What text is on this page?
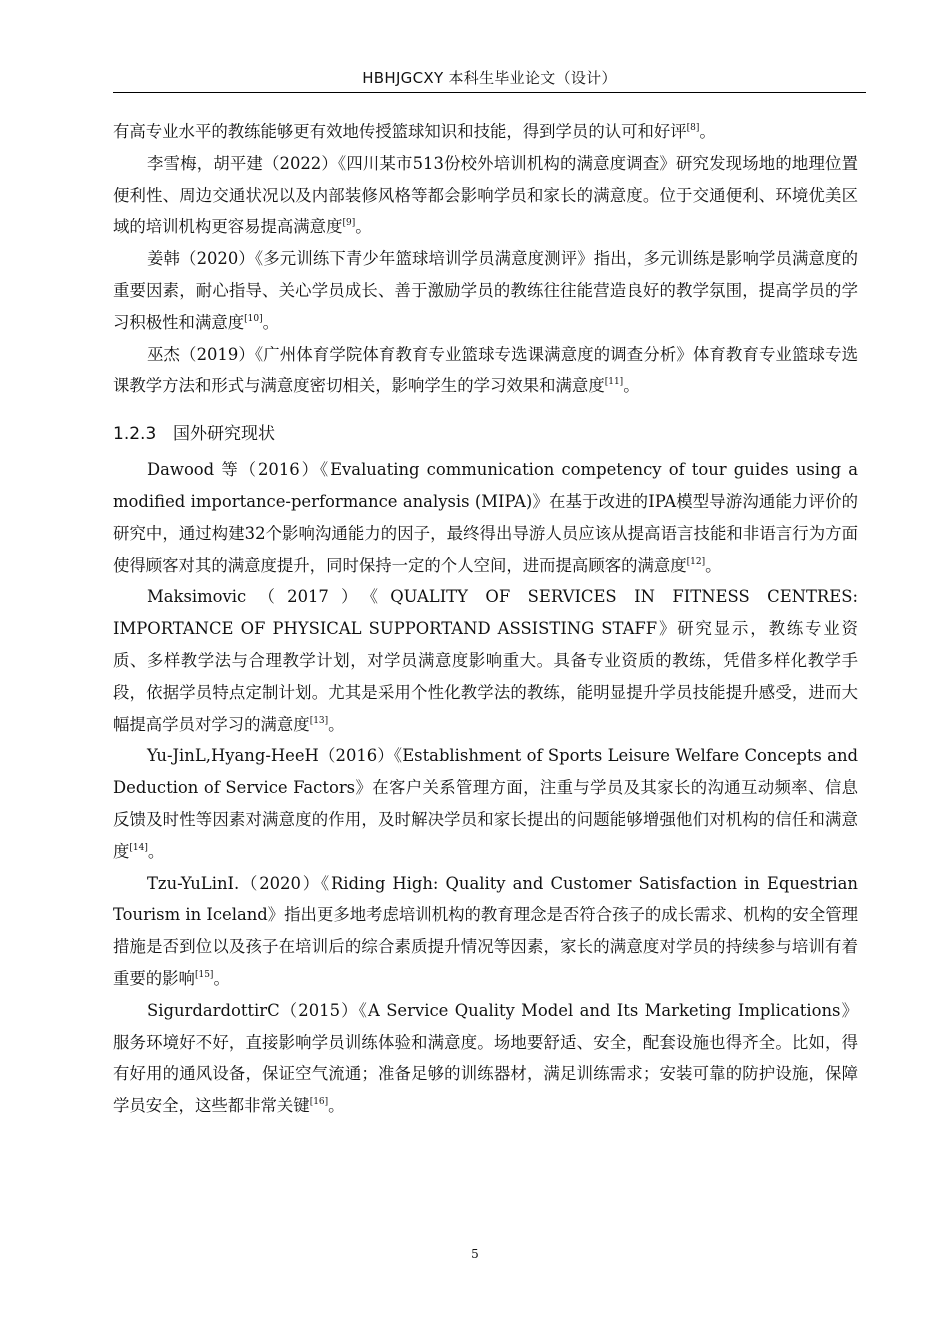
HBHJGCXY 本科生毕业论文（设计）

有高专业水平的教练能够更有效地传授篮球知识和技能，得到学员的认可和好评[8]。

李雪梅，胡平建（2022）《四川某市513份校外培训机构的满意度调查》研究发现场地的地理位置便利性、周边交通状况以及内部装修风格等都会影响学员和家长的满意度。位于交通便利、环境优美区域的培训机构更容易提高满意度[9]。

姜韩（2020）《多元训练下青少年篮球培训学员满意度测评》指出，多元训练是影响学员满意度的重要因素，耐心指导、关心学员成长、善于激励学员的教练往往能营造良好的教学氛围，提高学员的学习积极性和满意度[10]。

巫杰（2019）《广州体育学院体育教育专业篮球专选课满意度的调查分析》体育教育专业篮球专选课教学方法和形式与满意度密切相关，影响学生的学习效果和满意度[11]。

1.2.3 国外研究现状

Dawood 等（2016）《Evaluating communication competency of tour guides using a modified importance-performance analysis (MIPA)》在基于改进的IPA模型导游沟通能力评价的研究中，通过构建32个影响沟通能力的因子，最终得出导游人员应该从提高语言技能和非语言行为方面使得顾客对其的满意度提升，同时保持一定的个人空间，进而提高顾客的满意度[12]。

Maksimovic（2017）《QUALITY OF SERVICES IN FITNESS CENTRES: IMPORTANCE OF PHYSICAL SUPPORTAND ASSISTING STAFF》研究显示，教练专业资质、多样教学法与合理教学计划，对学员满意度影响重大。具备专业资质的教练，凭借多样化教学手段，依据学员特点定制计划。尤其是采用个性化教学法的教练，能明显提升学员技能提升感受，进而大幅提高学员对学习的满意度[13]。

Yu-JinL,Hyang-HeeH（2016）《Establishment of Sports Leisure Welfare Concepts and Deduction of Service Factors》在客户关系管理方面，注重与学员及其家长的沟通互动频率、信息反馈及时性等因素对满意度的作用，及时解决学员和家长提出的问题能够增强他们对机构的信任和满意度[14]。

Tzu-YuLinI.（2020）《Riding High: Quality and Customer Satisfaction in Equestrian Tourism in Iceland》指出更多地考虑培训机构的教育理念是否符合孩子的成长需求、机构的安全管理措施是否到位以及孩子在培训后的综合素质提升情况等因素，家长的满意度对学员的持续参与培训有着重要的影响[15]。

SigurdardottirC（2015）《A Service Quality Model and Its Marketing Implications》服务环境好不好，直接影响学员训练体验和满意度。场地要舒适、安全，配套设施也得齐全。比如，得有好用的通风设备，保证空气流通；准备足够的训练器材，满足训练需求；安装可靠的防护设施，保障学员安全，这些都非常关键[16]。

5
